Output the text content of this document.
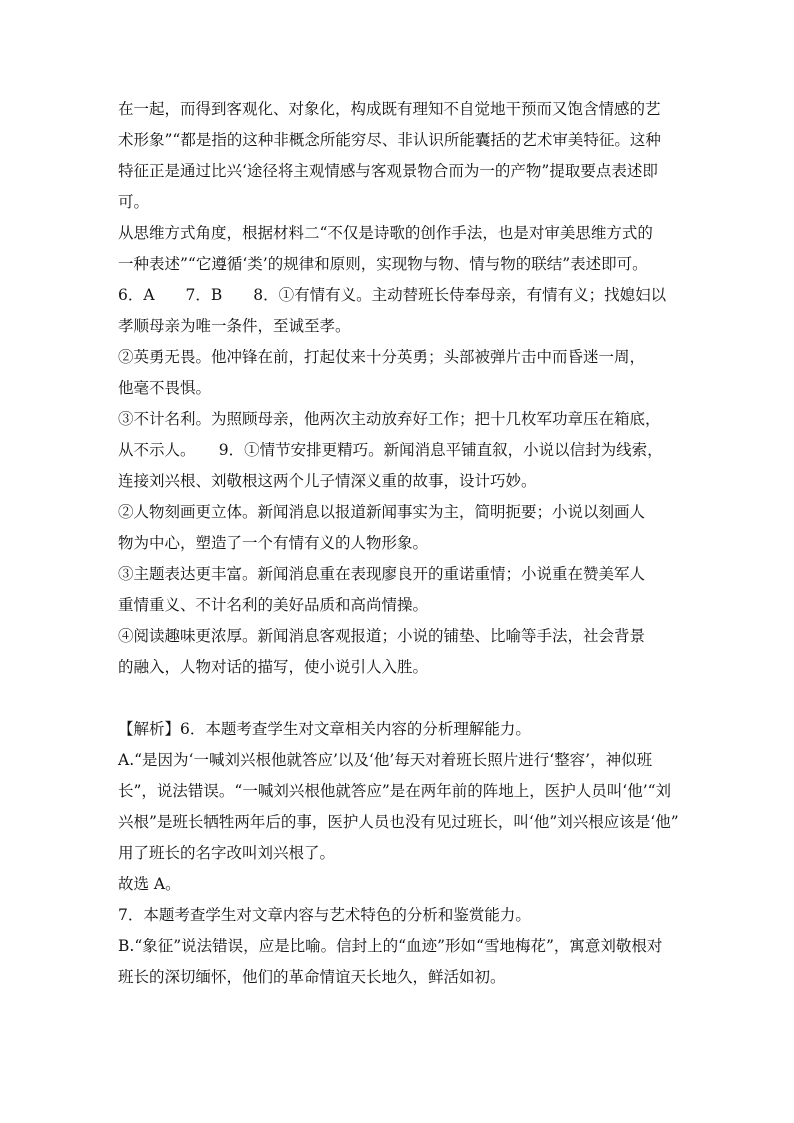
在一起，而得到客观化、对象化，构成既有理知不自觉地干预而又饱含情感的艺
术形象”“都是指的这种非概念所能穷尽、非认识所能囊括的艺术审美特征。这种
特征正是通过比兴‘途径将主观情感与客观景物合而为一的产物”提取要点表述即
可。
从思维方式角度，根据材料二“不仅是诗歌的创作手法，也是对审美思维方式的
一种表述”“它遵循‘类’的规律和原则，实现物与物、情与物的联结”表述即可。
6．A　　7．B　　8．①有情有义。主动替班长侍奉母亲，有情有义；找媳妇以
孝顺母亲为唯一条件，至诚至孝。
②英勇无畏。他冲锋在前，打起仗来十分英勇；头部被弹片击中而昏迷一周，
他毫不畏惧。
③不计名利。为照顾母亲，他两次主动放弃好工作；把十几枚军功章压在箱底，
从不示人。　　9．①情节安排更精巧。新闻消息平铺直叙，小说以信封为线索，
连接刘兴根、刘敬根这两个儿子情深义重的故事，设计巧妙。
②人物刻画更立体。新闻消息以报道新闻事实为主，简明扼要；小说以刻画人
物为中心，塑造了一个有情有义的人物形象。
③主题表达更丰富。新闻消息重在表现廖良开的重诺重情；小说重在赞美军人
重情重义、不计名利的美好品质和高尚情操。
④阅读趣味更浓厚。新闻消息客观报道；小说的铺垫、比喻等手法，社会背景
的融入，人物对话的描写，使小说引人入胜。
【解析】6．本题考查学生对文章相关内容的分析理解能力。
A.“是因为‘一喊刘兴根他就答应’以及‘他’每天对着班长照片进行‘整容’，神似班
长”，说法错误。“一喊刘兴根他就答应”是在两年前的阵地上，医护人员叫‘他’“刘
兴根”是班长牺牲两年后的事，医护人员也没有见过班长，叫‘他”刘兴根应该是‘他”
用了班长的名字改叫刘兴根了。
故选 A。
7．本题考查学生对文章内容与艺术特色的分析和鉴赏能力。
B.“象征”说法错误，应是比喻。信封上的“血迹”形如“雪地梅花”，寓意刘敬根对
班长的深切缅怀，他们的革命情谊天长地久，鲜活如初。
